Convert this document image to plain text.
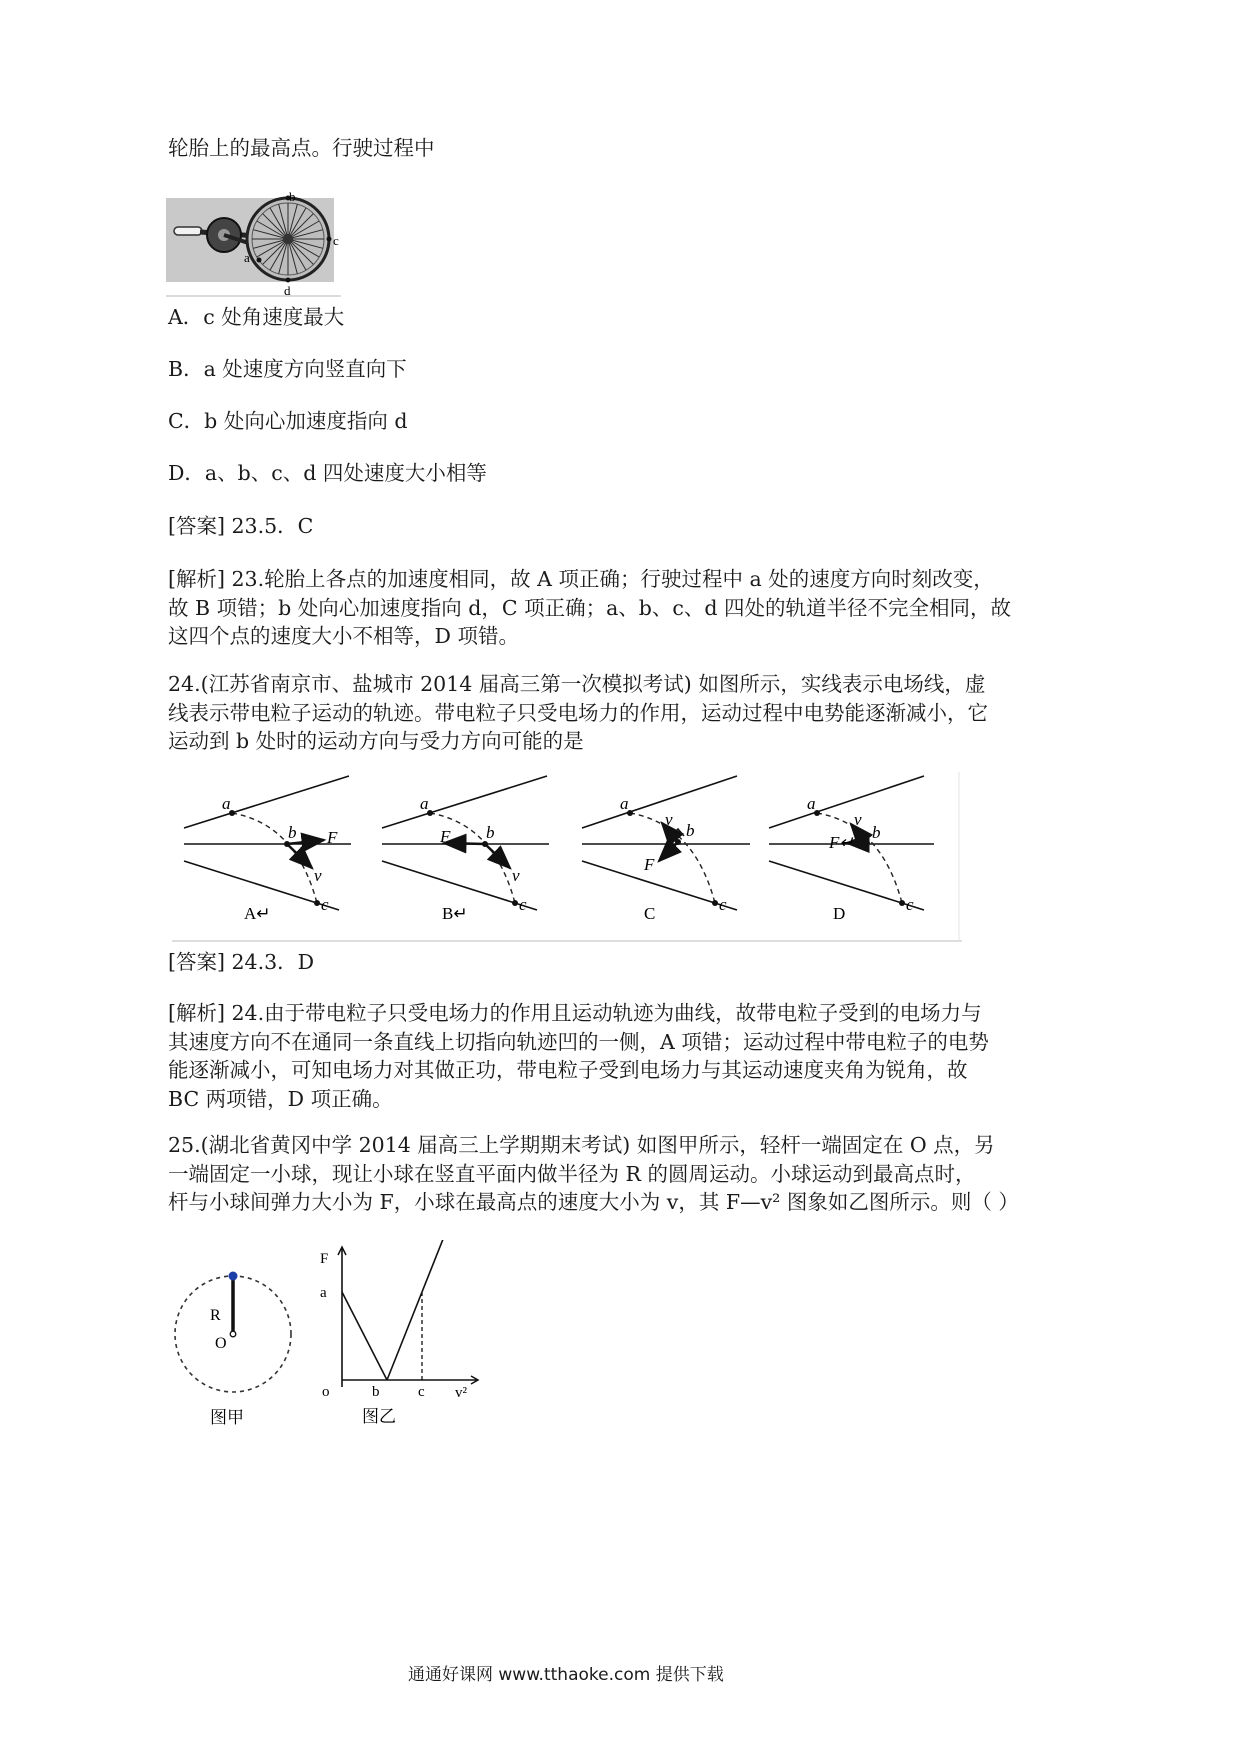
轮胎上的最高点。行驶过程中
b
c
d
a
A．c 处角速度最大
B．a 处速度方向竖直向下
C．b 处向心加速度指向 d
D．a、b、c、d 四处速度大小相等
[答案] 23.5．C
[解析] 23.轮胎上各点的加速度相同，故 A 项正确；行驶过程中 a 处的速度方向时刻改变，
故 B 项错；b 处向心加速度指向 d，C 项正确；a、b、c、d 四处的轨道半径不完全相同，故
这四个点的速度大小不相等，D 项错。
24.(江苏省南京市、盐城市 2014 届高三第一次模拟考试) 如图所示，实线表示电场线，虚
线表示带电粒子运动的轨迹。带电粒子只受电场力的作用，运动过程中电势能逐渐减小，它
运动到 b 处时的运动方向与受力方向可能的是
a
b
c
F
v
A↵
a
b
c
F
v
B↵
a
b
c
F
v
C
a
b
c
F↵
v
D
[答案] 24.3．D
[解析] 24.由于带电粒子只受电场力的作用且运动轨迹为曲线，故带电粒子受到的电场力与
其速度方向不在通同一条直线上切指向轨迹凹的一侧，A 项错；运动过程中带电粒子的电势
能逐渐减小，可知电场力对其做正功，带电粒子受到电场力与其运动速度夹角为锐角，故
BC 两项错，D 项正确。
25.(湖北省黄冈中学 2014 届高三上学期期末考试) 如图甲所示，轻杆一端固定在 O 点，另
一端固定一小球，现让小球在竖直平面内做半径为 R 的圆周运动。小球运动到最高点时，
杆与小球间弹力大小为 F，小球在最高点的速度大小为 v，其 F—v² 图象如乙图所示。则（ ）
R
O
图甲
F
a
o	b	c v²
图乙
通通好课网 www.tthaoke.com 提供下载
